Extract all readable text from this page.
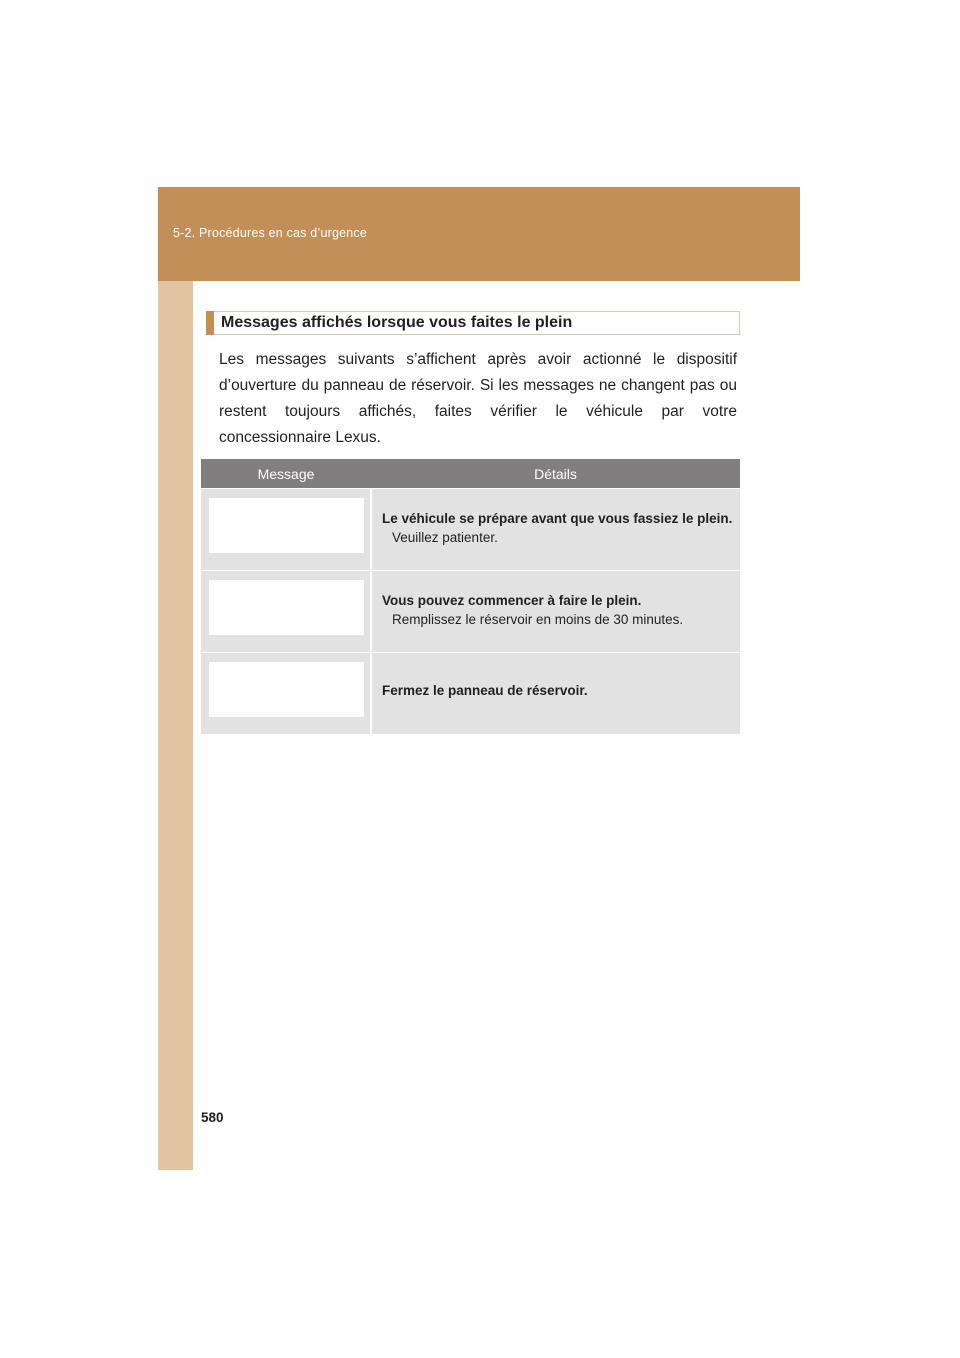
5-2. Procédures en cas d’urgence
Messages affichés lorsque vous faites le plein

Les messages suivants s’affichent après avoir actionné le dispositif d’ouverture du panneau de réservoir. Si les messages ne changent pas ou restent toujours affichés, faites vérifier le véhicule par votre concessionnaire Lexus.

Message	Détails

	Le véhicule se prépare avant que vous fassiez le plein.
Veuillez patienter.

	Vous pouvez commencer à faire le plein.
Remplissez le réservoir en moins de 30 minutes.

	Fermez le panneau de réservoir.
580
